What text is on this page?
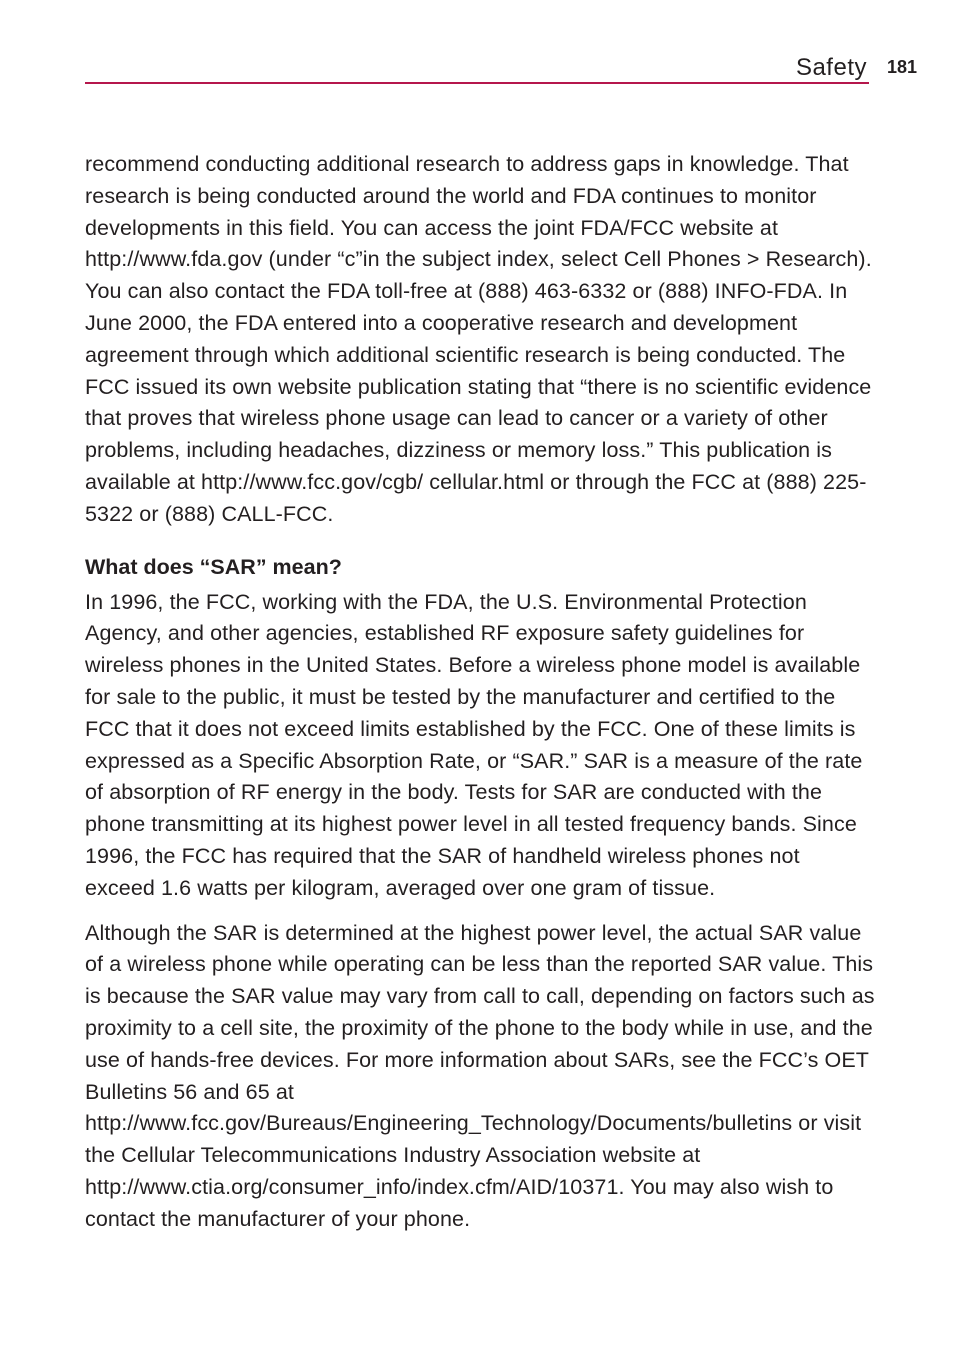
Safety 181

recommend conducting additional research to address gaps in knowledge. That research is being conducted around the world and FDA continues to monitor developments in this field. You can access the joint FDA/FCC website at http://www.fda.gov (under “c”in the subject index, select Cell Phones > Research). You can also contact the FDA toll-free at (888) 463-6332 or (888) INFO-FDA. In June 2000, the FDA entered into a cooperative research and development agreement through which additional scientific research is being conducted. The FCC issued its own website publication stating that “there is no scientific evidence that proves that wireless phone usage can lead to cancer or a variety of other problems, including headaches, dizziness or memory loss.” This publication is available at http://www.fcc.gov/cgb/ cellular.html or through the FCC at (888) 225-5322 or (888) CALL-FCC.

What does “SAR” mean?

In 1996, the FCC, working with the FDA, the U.S. Environmental Protection Agency, and other agencies, established RF exposure safety guidelines for wireless phones in the United States. Before a wireless phone model is available for sale to the public, it must be tested by the manufacturer and certified to the FCC that it does not exceed limits established by the FCC. One of these limits is expressed as a Specific Absorption Rate, or “SAR.” SAR is a measure of the rate of absorption of RF energy in the body. Tests for SAR are conducted with the phone transmitting at its highest power level in all tested frequency bands. Since 1996, the FCC has required that the SAR of handheld wireless phones not exceed 1.6 watts per kilogram, averaged over one gram of tissue.

Although the SAR is determined at the highest power level, the actual SAR value of a wireless phone while operating can be less than the reported SAR value. This is because the SAR value may vary from call to call, depending on factors such as proximity to a cell site, the proximity of the phone to the body while in use, and the use of hands-free devices. For more information about SARs, see the FCC’s OET Bulletins 56 and 65 at http://www.fcc.gov/Bureaus/Engineering_Technology/Documents/bulletins or visit the Cellular Telecommunications Industry Association website at http://www.ctia.org/consumer_info/index.cfm/AID/10371. You may also wish to contact the manufacturer of your phone.
